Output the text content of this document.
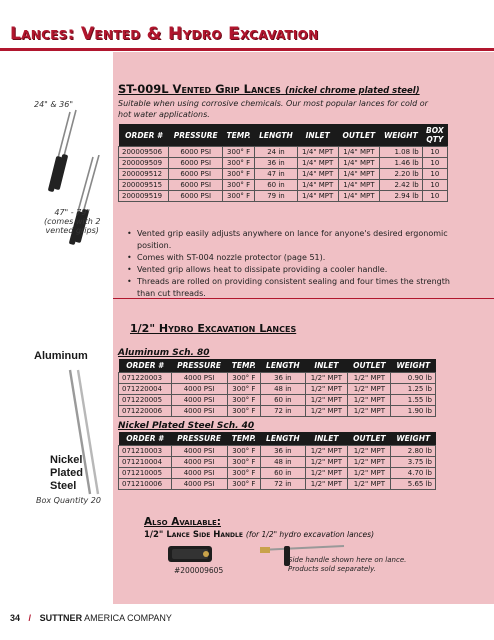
Lances: Vented & Hydro Excavation
24" & 36"
47" - 79"
(comes with 2
vented grips)
ST-009L Vented Grip Lances (nickel chrome plated steel)
Suitable when using corrosive chemicals. Our most popular lances for cold or
hot water applications.
ORDER #	PRESSURE	TEMP.	LENGTH	INLET	OUTLET	WEIGHT	BOX
QTY
200009506	6000 PSI	300° F	24 in	1/4" MPT	1/4" MPT	1.08 lb	10
200009509	6000 PSI	300° F	36 in	1/4" MPT	1/4" MPT	1.46 lb	10
200009512	6000 PSI	300° F	47 in	1/4" MPT	1/4" MPT	2.20 lb	10
200009515	6000 PSI	300° F	60 in	1/4" MPT	1/4" MPT	2.42 lb	10
200009519	6000 PSI	300° F	79 in	1/4" MPT	1/4" MPT	2.94 lb	10
• Vented grip easily adjusts anywhere on lance for anyone's desired ergonomic position.
• Comes with ST-004 nozzle protector (page 51).
• Vented grip allows heat to dissipate providing a cooler handle.
• Threads are rolled on providing consistent sealing and four times the strength than cut threads.
1/2" Hydro Excavation Lances
Aluminum
Nickel
Plated
Steel
Box Quantity 20
Aluminum Sch. 80
ORDER #	PRESSURE	TEMP.	LENGTH	INLET	OUTLET	WEIGHT
071220003	4000 PSI	300° F	36 in	1/2" MPT	1/2" MPT	0.90 lb
071220004	4000 PSI	300° F	48 in	1/2" MPT	1/2" MPT	1.25 lb
071220005	4000 PSI	300° F	60 in	1/2" MPT	1/2" MPT	1.55 lb
071220006	4000 PSI	300° F	72 in	1/2" MPT	1/2" MPT	1.90 lb
Nickel Plated Steel Sch. 40
ORDER #	PRESSURE	TEMP.	LENGTH	INLET	OUTLET	WEIGHT
071210003	4000 PSI	300° F	36 in	1/2" MPT	1/2" MPT	2.80 lb
071210004	4000 PSI	300° F	48 in	1/2" MPT	1/2" MPT	3.75 lb
071210005	4000 PSI	300° F	60 in	1/2" MPT	1/2" MPT	4.70 lb
071210006	4000 PSI	300° F	72 in	1/2" MPT	1/2" MPT	5.65 lb
Also Available:
1/2" Lance Side Handle (for 1/2" hydro excavation lances)
#200009605
Side handle shown here on lance.
Products sold separately.
34 / SUTTNER AMERICA COMPANY
